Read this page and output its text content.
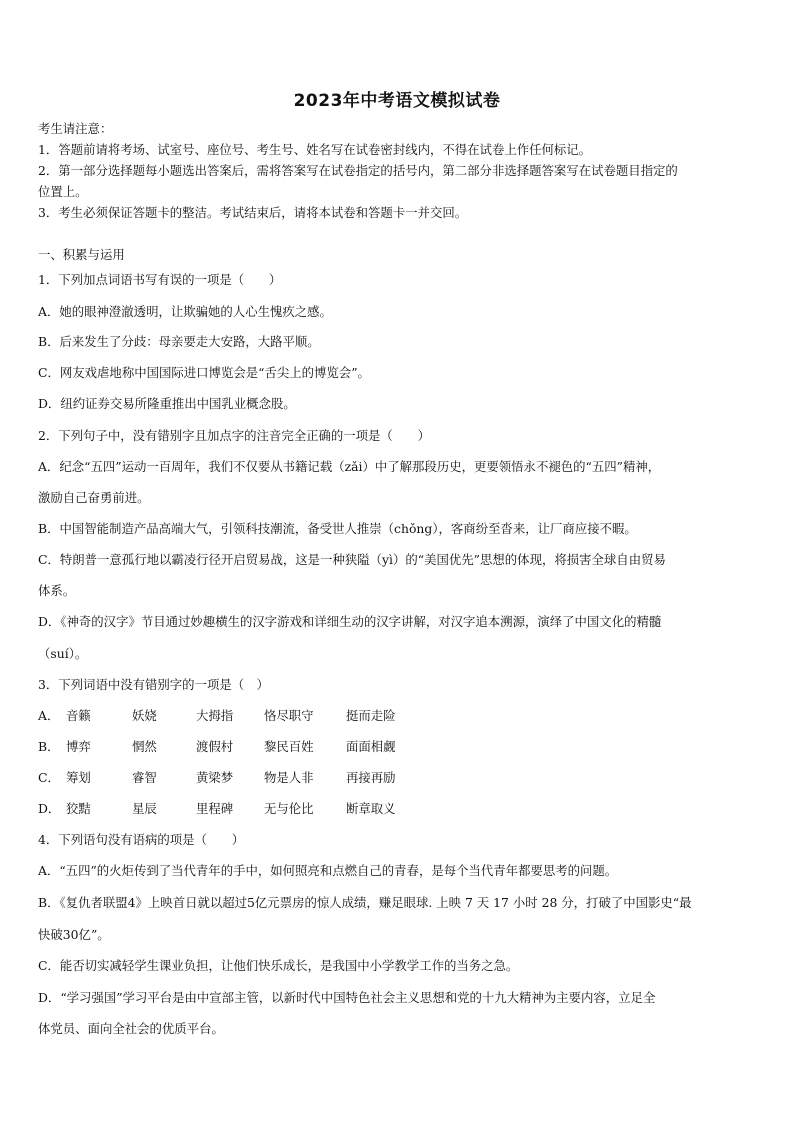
2023年中考语文模拟试卷
考生请注意：
1．答题前请将考场、试室号、座位号、考生号、姓名写在试卷密封线内，不得在试卷上作任何标记。
2．第一部分选择题每小题选出答案后，需将答案写在试卷指定的括号内，第二部分非选择题答案写在试卷题目指定的
位置上。
3．考生必须保证答题卡的整洁。考试结束后，请将本试卷和答题卡一并交回。
一、积累与运用
1．下列加点词语书写有误的一项是（　　）
A．她的眼神澄澈透明，让欺骗她的人心生愧疚之感。
B．后来发生了分歧：母亲要走大安路，大路平顺。
C．网友戏虐地称中国国际进口博览会是“舌尖上的博览会”。
D．纽约证券交易所隆重推出中国乳业概念股。
2．下列句子中，没有错别字且加点字的注音完全正确的一项是（　　）
A．纪念“五四”运动一百周年，我们不仅要从书籍记载（zǎi）中了解那段历史，更要领悟永不褪色的“五四”精神，
激励自己奋勇前进。
B．中国智能制造产品高端大气，引领科技潮流，备受世人推崇（chǒng），客商纷至沓来，让厂商应接不暇。
C．特朗普一意孤行地以霸凌行径开启贸易战，这是一种狭隘（yì）的“美国优先”思想的体现，将损害全球自由贸易
体系。
D．《神奇的汉字》节目通过妙趣横生的汉字游戏和详细生动的汉字讲解，对汉字追本溯源，演绎了中国文化的精髓
（suí）。
3．下列词语中没有错别字的一项是（　）
A． 音籁	妖娆	大拇指	恪尽职守	挺而走险
B． 博弈	惘然	渡假村	黎民百姓	面面相觑
C． 筹划	睿智	黄梁梦	物是人非	再接再励
D． 狡黠	星辰	里程碑	无与伦比	断章取义
4．下列语句没有语病的项是（　　）
A．“五四”的火炬传到了当代青年的手中，如何照亮和点燃自己的青春，是每个当代青年都要思考的问题。
B．《复仇者联盟4》上映首日就以超过5亿元票房的惊人成绩，赚足眼球. 上映 7 天 17 小时 28 分，打破了中国影史“最
快破30亿”。
C．能否切实减轻学生课业负担，让他们快乐成长，是我国中小学教学工作的当务之急。
D．“学习强国”学习平台是由中宣部主管，以新时代中国特色社会主义思想和党的十九大精神为主要内容，立足全
体党员、面向全社会的优质平台。
